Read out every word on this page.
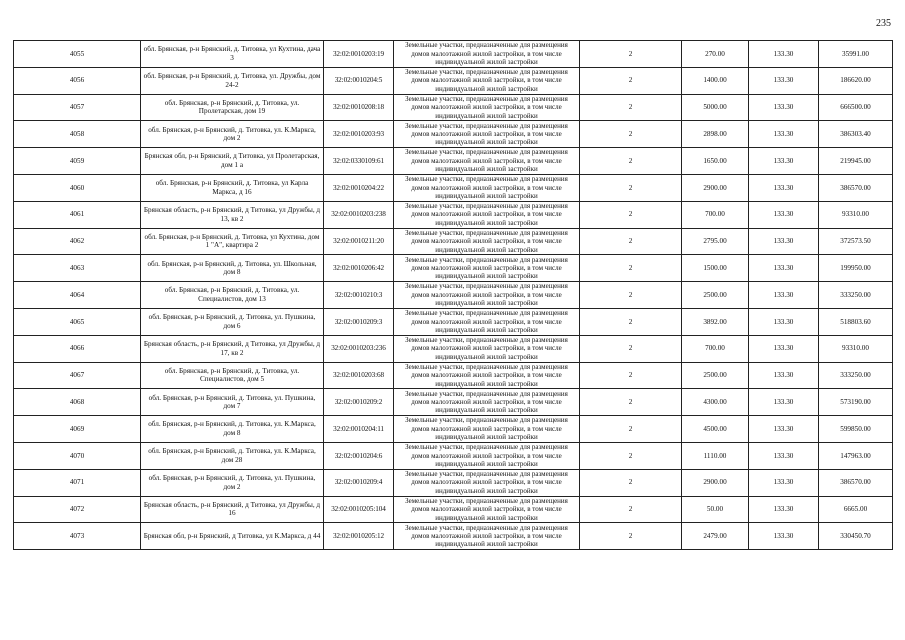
235
4055	обл. Брянская, р-н Брянский, д. Титовка, ул Кухтина, дача 3	32:02:0010203:19	Земельные участки, предназначенные для размещения домов малоэтажной жилой застройки, в том числе индивидуальной жилой застройки	2	270.00	133.30	35991.00
4056	обл. Брянская, р-н Брянский, д. Титовка, ул. Дружбы, дом 24-2	32:02:0010204:5	Земельные участки, предназначенные для размещения домов малоэтажной жилой застройки, в том числе индивидуальной жилой застройки	2	1400.00	133.30	186620.00
4057	обл. Брянская, р-н Брянский, д. Титовка, ул. Пролетарская, дом 19	32:02:0010208:18	Земельные участки, предназначенные для размещения домов малоэтажной жилой застройки, в том числе индивидуальной жилой застройки	2	5000.00	133.30	666500.00
4058	обл. Брянская, р-н Брянский, д. Титовка, ул. К.Маркса, дом 2	32:02:0010203:93	Земельные участки, предназначенные для размещения домов малоэтажной жилой застройки, в том числе индивидуальной жилой застройки	2	2898.00	133.30	386303.40
4059	Брянская обл, р-н Брянский, д Титовка, ул Пролетарская, дом 1 а	32:02:0330109:61	Земельные участки, предназначенные для размещения домов малоэтажной жилой застройки, в том числе индивидуальной жилой застройки	2	1650.00	133.30	219945.00
4060	обл. Брянская, р-н Брянский, д. Титовка, ул Карла Маркса, д 16	32:02:0010204:22	Земельные участки, предназначенные для размещения домов малоэтажной жилой застройки, в том числе индивидуальной жилой застройки	2	2900.00	133.30	386570.00
4061	Брянская область, р-н Брянский, д Титовка, ул Дружбы, д 13, кв 2	32:02:0010203:238	Земельные участки, предназначенные для размещения домов малоэтажной жилой застройки, в том числе индивидуальной жилой застройки	2	700.00	133.30	93310.00
4062	обл. Брянская, р-н Брянский, д. Титовка, ул Кухтина, дом 1 "А", квартира 2	32:02:0010211:20	Земельные участки, предназначенные для размещения домов малоэтажной жилой застройки, в том числе индивидуальной жилой застройки	2	2795.00	133.30	372573.50
4063	обл. Брянская, р-н Брянский, д. Титовка, ул. Школьная, дом 8	32:02:0010206:42	Земельные участки, предназначенные для размещения домов малоэтажной жилой застройки, в том числе индивидуальной жилой застройки	2	1500.00	133.30	199950.00
4064	обл. Брянская, р-н Брянский, д. Титовка, ул. Специалистов, дом 13	32:02:0010210:3	Земельные участки, предназначенные для размещения домов малоэтажной жилой застройки, в том числе индивидуальной жилой застройки	2	2500.00	133.30	333250.00
4065	обл. Брянская, р-н Брянский, д. Титовка, ул. Пушкина, дом 6	32:02:0010209:3	Земельные участки, предназначенные для размещения домов малоэтажной жилой застройки, в том числе индивидуальной жилой застройки	2	3892.00	133.30	518803.60
4066	Брянская область, р-н Брянский, д Титовка, ул Дружбы, д 17, кв 2	32:02:0010203:236	Земельные участки, предназначенные для размещения домов малоэтажной жилой застройки, в том числе индивидуальной жилой застройки	2	700.00	133.30	93310.00
4067	обл. Брянская, р-н Брянский, д. Титовка, ул. Специалистов, дом 5	32:02:0010203:68	Земельные участки, предназначенные для размещения домов малоэтажной жилой застройки, в том числе индивидуальной жилой застройки	2	2500.00	133.30	333250.00
4068	обл. Брянская, р-н Брянский, д. Титовка, ул. Пушкина, дом 7	32:02:0010209:2	Земельные участки, предназначенные для размещения домов малоэтажной жилой застройки, в том числе индивидуальной жилой застройки	2	4300.00	133.30	573190.00
4069	обл. Брянская, р-н Брянский, д. Титовка, ул. К.Маркса, дом 8	32:02:0010204:11	Земельные участки, предназначенные для размещения домов малоэтажной жилой застройки, в том числе индивидуальной жилой застройки	2	4500.00	133.30	599850.00
4070	обл. Брянская, р-н Брянский, д. Титовка, ул. К.Маркса, дом 28	32:02:0010204:6	Земельные участки, предназначенные для размещения домов малоэтажной жилой застройки, в том числе индивидуальной жилой застройки	2	1110.00	133.30	147963.00
4071	обл. Брянская, р-н Брянский, д. Титовка, ул. Пушкина, дом 2	32:02:0010209:4	Земельные участки, предназначенные для размещения домов малоэтажной жилой застройки, в том числе индивидуальной жилой застройки	2	2900.00	133.30	386570.00
4072	Брянская область, р-н Брянский, д Титовка, ул Дружбы, д 16	32:02:0010205:104	Земельные участки, предназначенные для размещения домов малоэтажной жилой застройки, в том числе индивидуальной жилой застройки	2	50.00	133.30	6665.00
4073	Брянская обл, р-н Брянский, д Титовка, ул К.Маркса, д 44	32:02:0010205:12	Земельные участки, предназначенные для размещения домов малоэтажной жилой застройки, в том числе индивидуальной жилой застройки	2	2479.00	133.30	330450.70
